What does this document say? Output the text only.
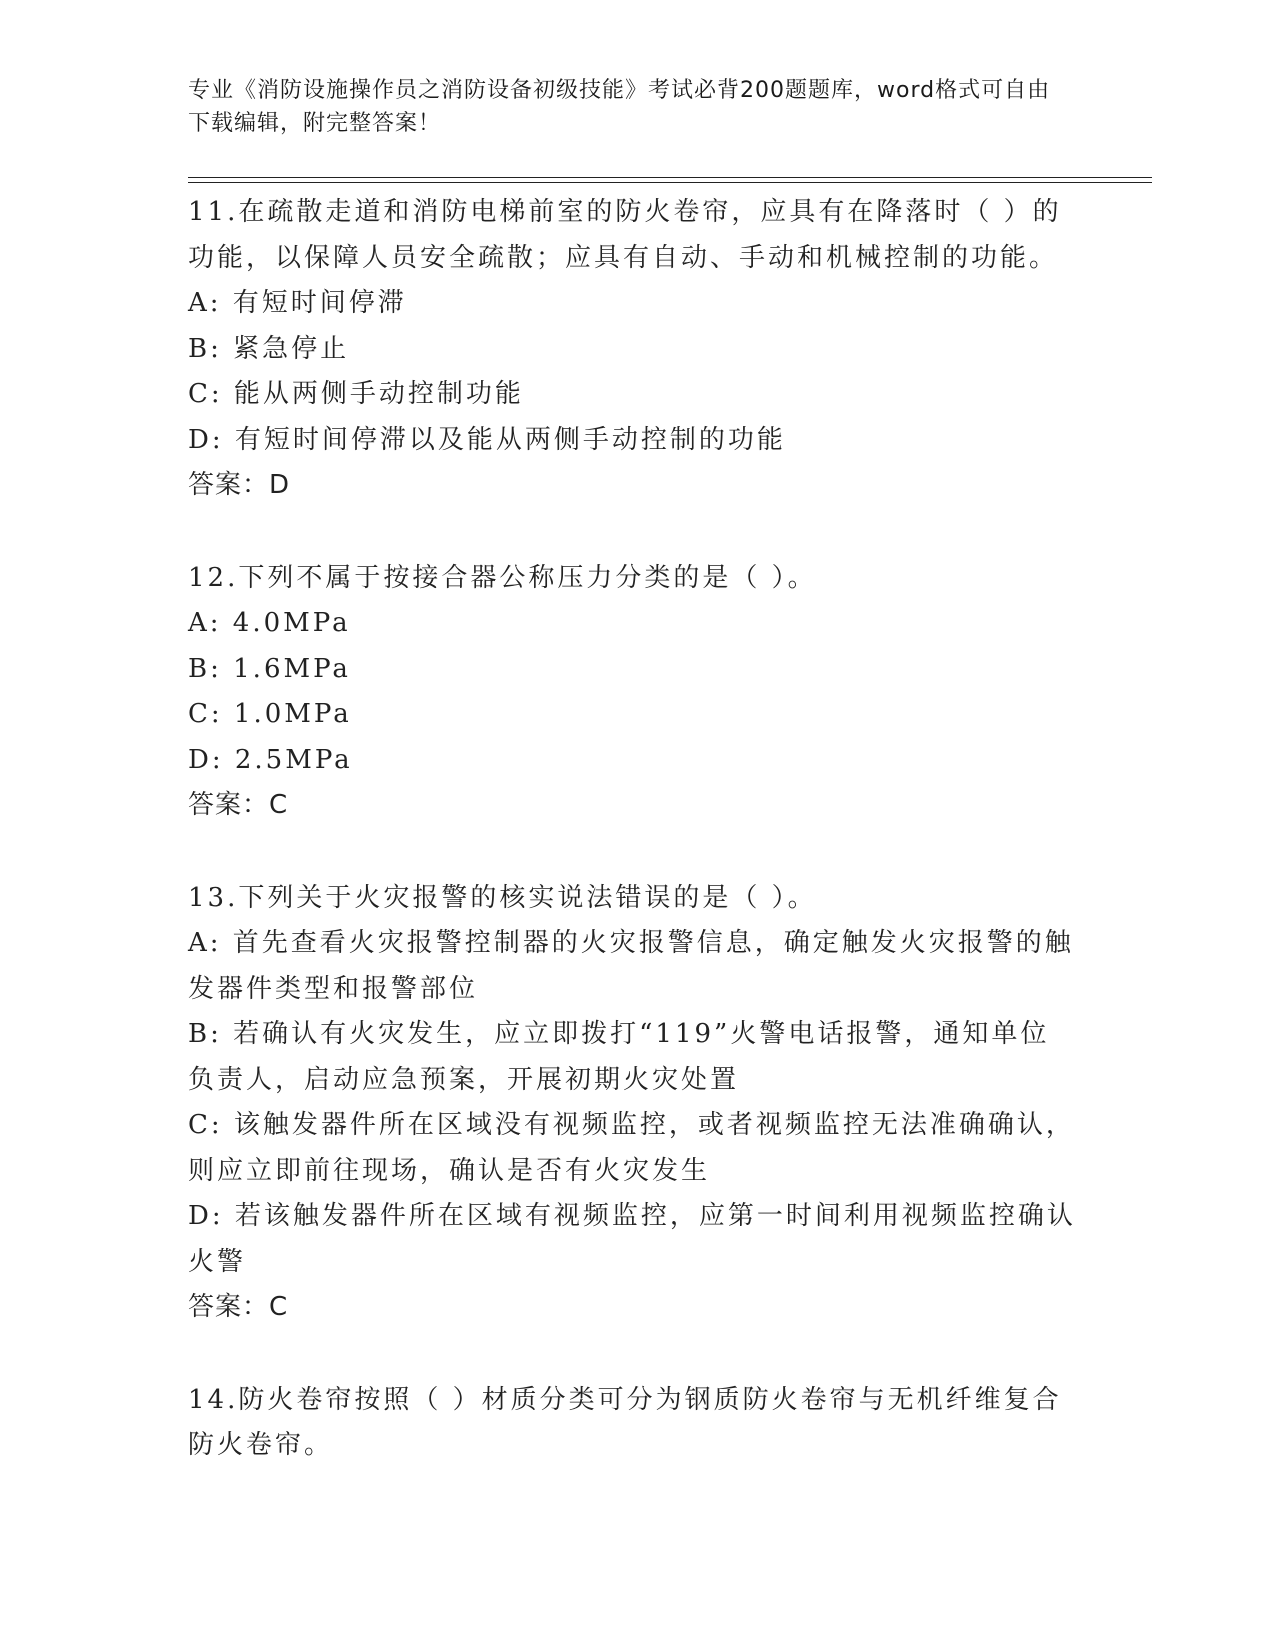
专业《消防设施操作员之消防设备初级技能》考试必背200题题库，word格式可自由下载编辑，附完整答案！
11.在疏散走道和消防电梯前室的防火卷帘，应具有在降落时（ ）的功能，以保障人员安全疏散；应具有自动、手动和机械控制的功能。
A: 有短时间停滞
B: 紧急停止
C: 能从两侧手动控制功能
D: 有短时间停滞以及能从两侧手动控制的功能
答案：D
12.下列不属于按接合器公称压力分类的是（ ）。
A: 4.0MPa
B: 1.6MPa
C: 1.0MPa
D: 2.5MPa
答案：C
13.下列关于火灾报警的核实说法错误的是（ ）。
A: 首先查看火灾报警控制器的火灾报警信息，确定触发火灾报警的触发器件类型和报警部位
B: 若确认有火灾发生，应立即拨打“119”火警电话报警，通知单位负责人，启动应急预案，开展初期火灾处置
C: 该触发器件所在区域没有视频监控，或者视频监控无法准确确认，则应立即前往现场，确认是否有火灾发生
D: 若该触发器件所在区域有视频监控，应第一时间利用视频监控确认火警
答案：C
14.防火卷帘按照（ ）材质分类可分为钢质防火卷帘与无机纤维复合防火卷帘。
